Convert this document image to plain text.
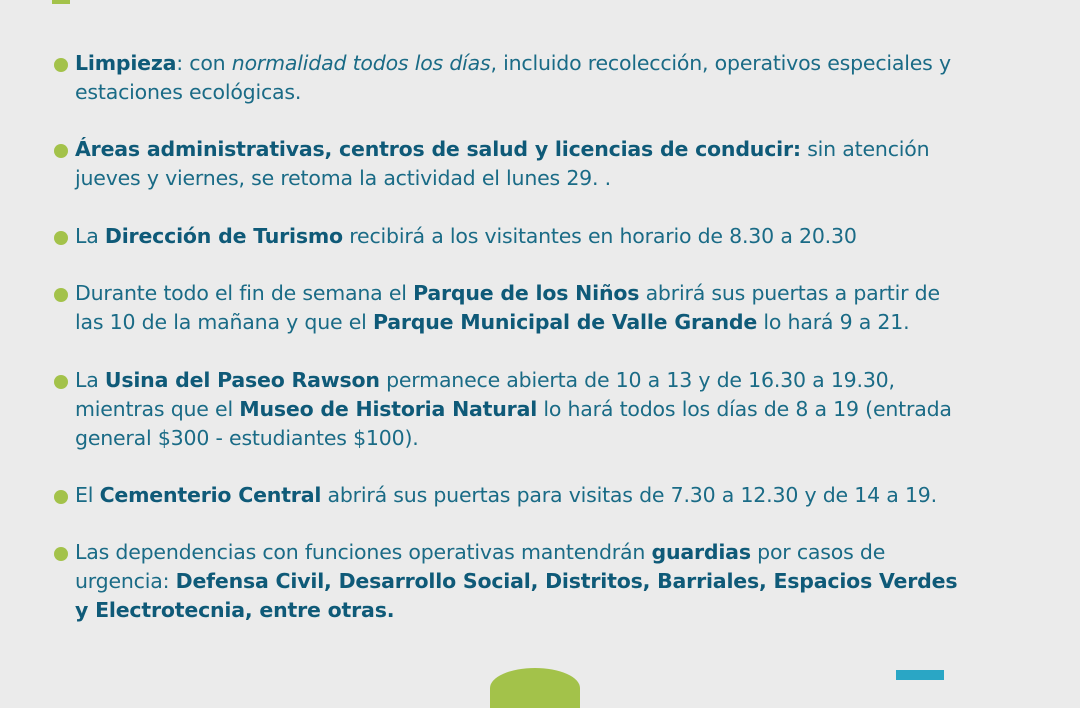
Limpieza: con normalidad todos los días, incluido recolección, operativos especiales y estaciones ecológicas.

Áreas administrativas, centros de salud y licencias de conducir: sin atención jueves y viernes, se retoma la actividad el lunes 29. .

La Dirección de Turismo recibirá a los visitantes en horario de 8.30 a 20.30

Durante todo el fin de semana el Parque de los Niños abrirá sus puertas a partir de las 10 de la mañana y que el Parque Municipal de Valle Grande lo hará 9 a 21.

La Usina del Paseo Rawson permanece abierta de 10 a 13 y de 16.30 a 19.30, mientras que el Museo de Historia Natural lo hará todos los días de 8 a 19 (entrada general $300 - estudiantes $100).

El Cementerio Central abrirá sus puertas para visitas de 7.30 a 12.30 y de 14 a 19.

Las dependencias con funciones operativas mantendrán guardias por casos de urgencia: Defensa Civil, Desarrollo Social, Distritos, Barriales, Espacios Verdes y Electrotecnia, entre otras.
